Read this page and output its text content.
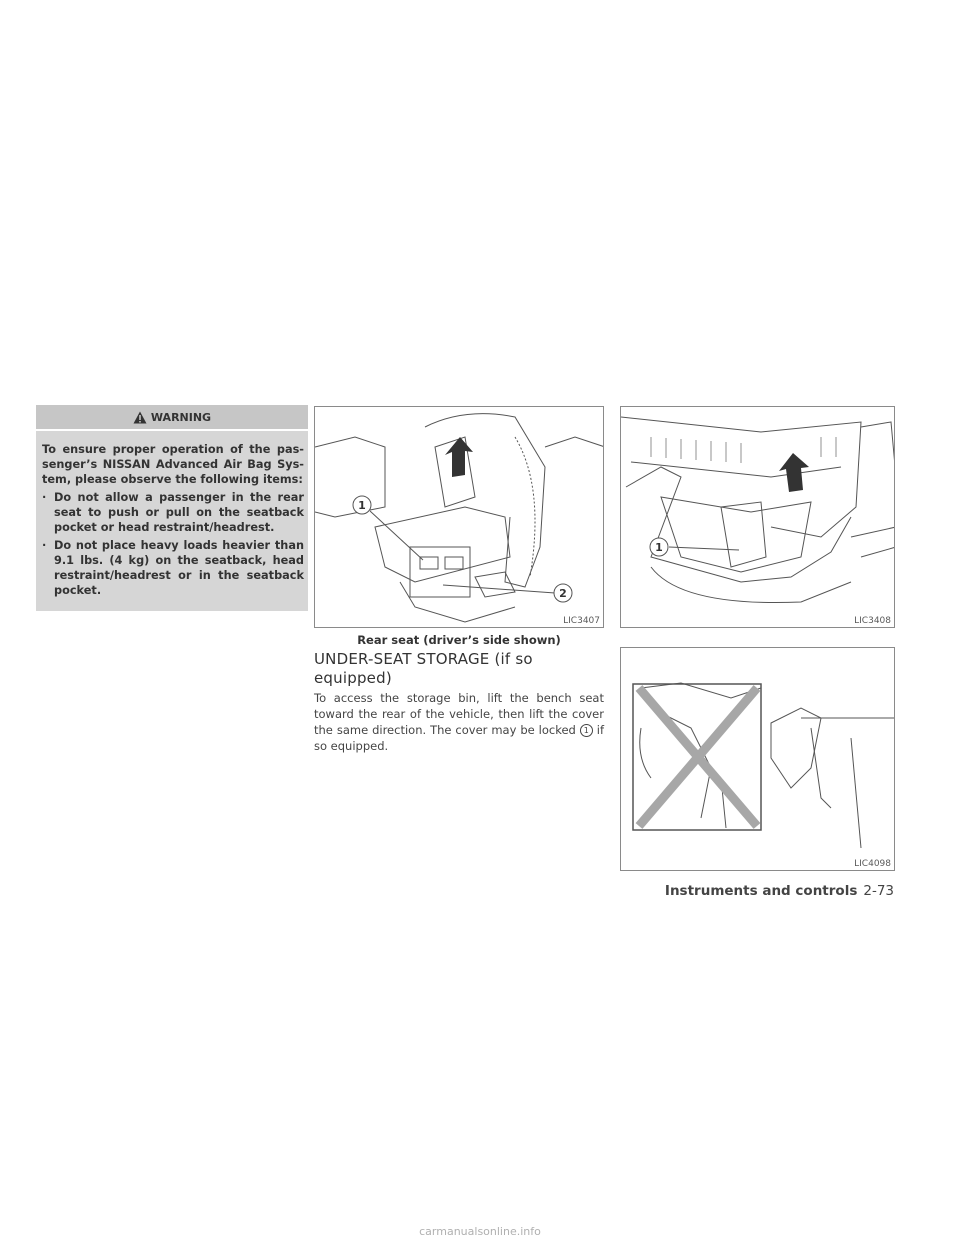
WARNING

To ensure proper operation of the pas-senger’s NISSAN Advanced Air Bag Sys-tem, please observe the following items:

· Do not allow a passenger in the rear seat to push or pull on the seatback pocket or head restraint/headrest.
· Do not place heavy loads heavier than 9.1 lbs. (4 kg) on the seatback, head restraint/headrest or in the seatback pocket.
1
2
LIC3407
1
LIC3408
LIC4098
Rear seat (driver’s side shown)
UNDER-SEAT STORAGE (if so equipped)
To access the storage bin, lift the bench seat toward the rear of the vehicle, then lift the cover the same direction. The cover may be locked 1 if so equipped.
Instruments and controls 2-73
carmanualsonline.info
